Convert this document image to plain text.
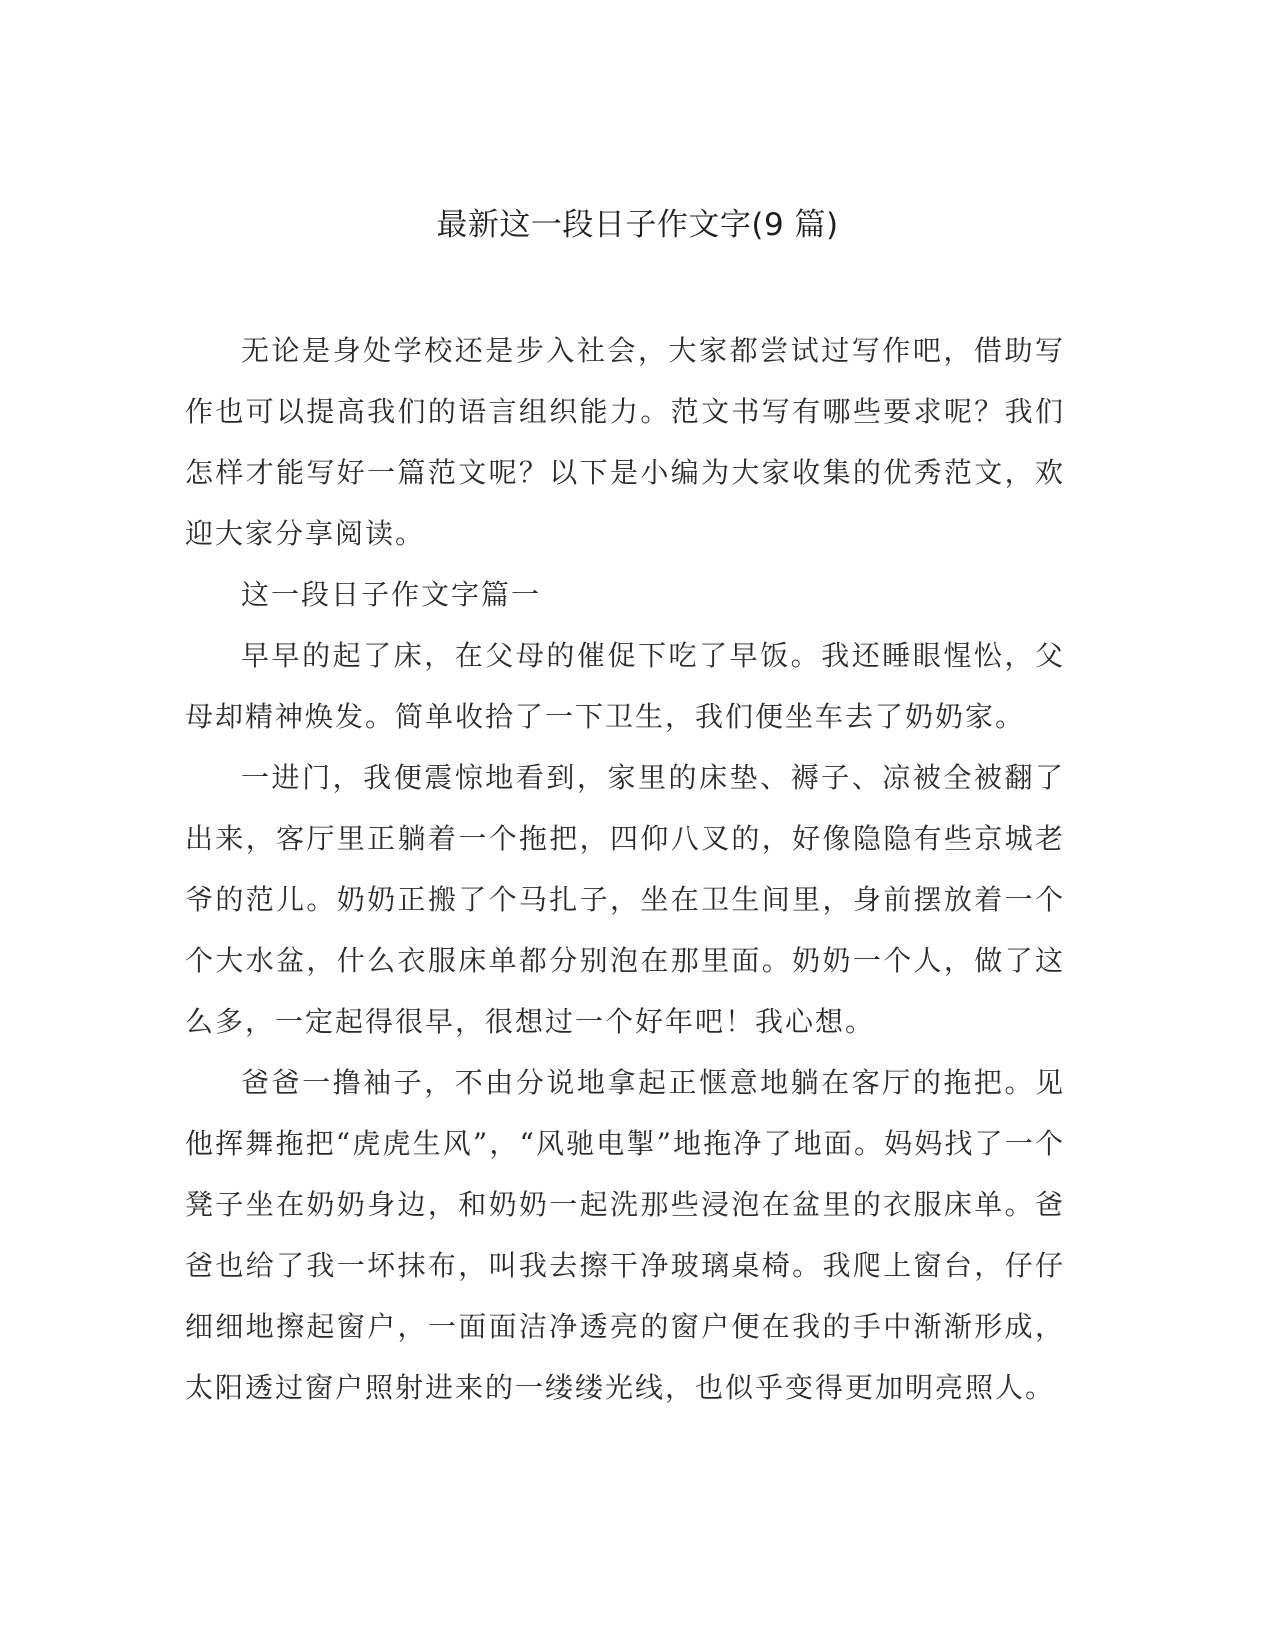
最新这一段日子作文字(9 篇)

无论是身处学校还是步入社会，大家都尝试过写作吧，借助写作也可以提高我们的语言组织能力。范文书写有哪些要求呢？我们怎样才能写好一篇范文呢？以下是小编为大家收集的优秀范文，欢迎大家分享阅读。

这一段日子作文字篇一

早早的起了床，在父母的催促下吃了早饭。我还睡眼惺忪，父母却精神焕发。简单收拾了一下卫生，我们便坐车去了奶奶家。

一进门，我便震惊地看到，家里的床垫、褥子、凉被全被翻了出来，客厅里正躺着一个拖把，四仰八叉的，好像隐隐有些京城老爷的范儿。奶奶正搬了个马扎子，坐在卫生间里，身前摆放着一个个大水盆，什么衣服床单都分别泡在那里面。奶奶一个人，做了这么多，一定起得很早，很想过一个好年吧！我心想。

爸爸一撸袖子，不由分说地拿起正惬意地躺在客厅的拖把。见他挥舞拖把“虎虎生风”，“风驰电掣”地拖净了地面。妈妈找了一个凳子坐在奶奶身边，和奶奶一起洗那些浸泡在盆里的衣服床单。爸爸也给了我一坏抹布，叫我去擦干净玻璃桌椅。我爬上窗台，仔仔细细地擦起窗户，一面面洁净透亮的窗户便在我的手中渐渐形成，太阳透过窗户照射进来的一缕缕光线，也似乎变得更加明亮照人。
